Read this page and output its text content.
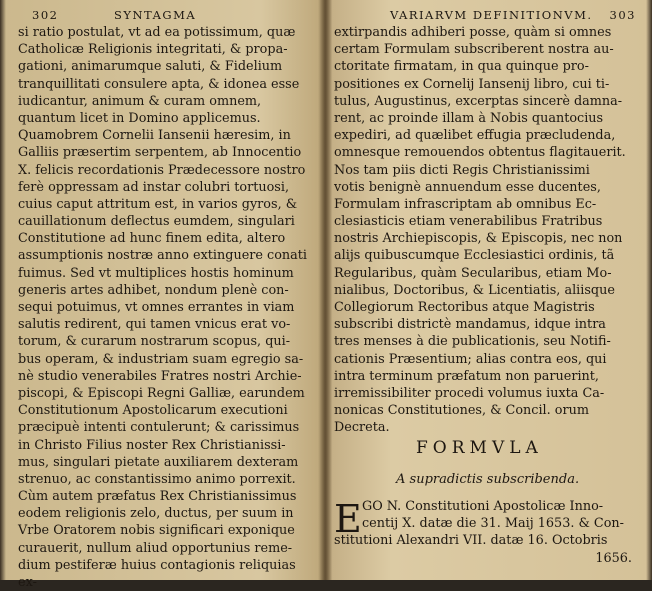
302	SYNTAGMA
si ratio postulat, vt ad ea potissimum, quæ
Catholicæ Religionis integritati, & propa-
gationi, animarumque saluti, & Fidelium
tranquillitati consulere apta, & idonea esse
iudicantur, animum & curam omnem,
quantum licet in Domino applicemus.
Quamobrem Cornelii Iansenii hæresim, in
Galliis præsertim serpentem, ab Innocentio
X. felicis recordationis Prædecessore nostro
ferè oppressam ad instar colubri tortuosi,
cuius caput attritum est, in varios gyros, &
cauillationum deflectus eumdem, singulari
Constitutione ad hunc finem edita, altero
assumptionis nostræ anno extinguere conati
fuimus. Sed vt multiplices hostis hominum
generis artes adhibet, nondum plenè con-
sequi potuimus, vt omnes errantes in viam
salutis redirent, qui tamen vnicus erat vo-
torum, & curarum nostrarum scopus, qui-
bus operam, & industriam suam egregio sa-
nè studio venerabiles Fratres nostri Archie-
piscopi, & Episcopi Regni Galliæ, earundem
Constitutionum Apostolicarum executioni
præcipuè intenti contulerunt; & carissimus
in Christo Filius noster Rex Christianissi-
mus, singulari pietate auxiliarem dexteram
strenuo, ac constantissimo animo porrexit.
Cùm autem præfatus Rex Christianissimus
eodem religionis zelo, ductus, per suum in
Vrbe Oratorem nobis significari exponique
curauerit, nullum aliud opportunius reme-
dium pestiferæ huius contagionis reliquias
ex-
VARIARVM DEFINITIONVM. 303
extirpandis adhiberi posse, quàm si omnes
certam Formulam subscriberent nostra au-
ctoritate firmatam, in qua quinque pro-
positiones ex Cornelij Iansenij libro, cui ti-
tulus, Augustinus, excerptas sincerè damna-
rent, ac proinde illam à Nobis quantocius
expediri, ad quælibet effugia præcludenda,
omnesque remouendos obtentus flagitauerit.
Nos tam piis dicti Regis Christianissimi
votis benignè annuendum esse ducentes,
Formulam infrascriptam ab omnibus Ec-
clesiasticis etiam venerabilibus Fratribus
nostris Archiepiscopis, & Episcopis, nec non
alijs quibuscumque Ecclesiastici ordinis, tã
Regularibus, quàm Secularibus, etiam Mo-
nialibus, Doctoribus, & Licentiatis, aliisque
Collegiorum Rectoribus atque Magistris
subscribi districtè mandamus, idque intra
tres menses à die publicationis, seu Notifi-
cationis Præsentium; alias contra eos, qui
intra terminum præfatum non paruerint,
irremissibiliter procedi volumus iuxta Ca-
nonicas Constitutiones, & Concil. orum
Decreta.
FORMVLA
A supradictis subscribenda.
E GO N. Constitutioni Apostolicæ Inno-
centij X. datæ die 31. Maij 1653. & Con-
stitutioni Alexandri VII. datæ 16. Octobris
1656.
